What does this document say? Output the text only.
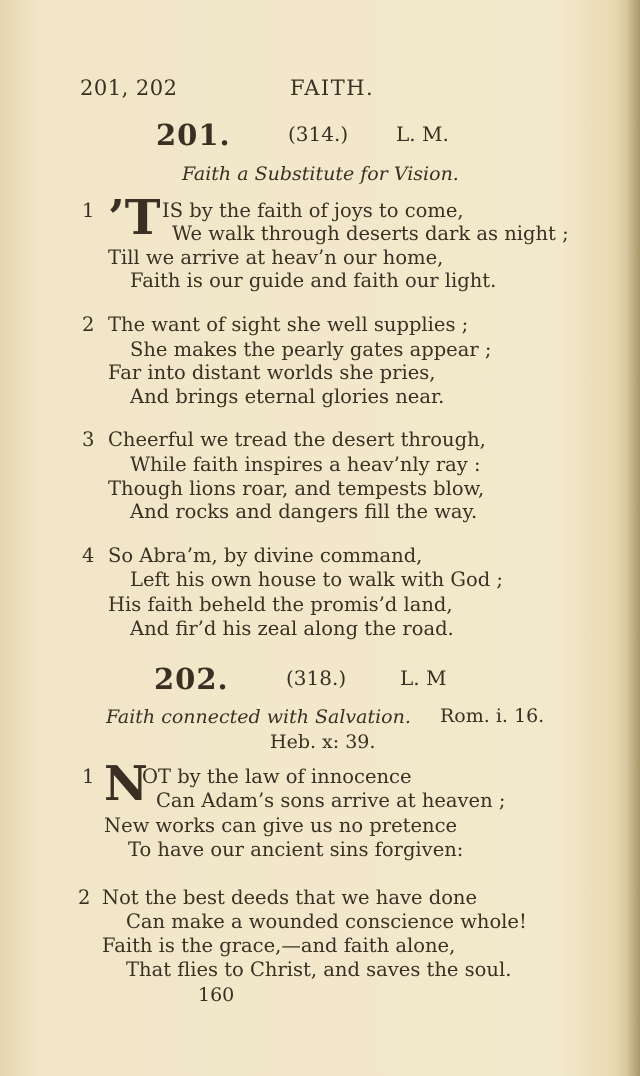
201, 202	FAITH.
201.	(314.) L. M.
Faith a Substitute for Vision.
1 ’T IS by the faith of joys to come,
We walk through deserts dark as night ;
Till we arrive at heav’n our home,
Faith is our guide and faith our light.
2 The want of sight she well supplies ;
She makes the pearly gates appear ;
Far into distant worlds she pries,
And brings eternal glories near.
3 Cheerful we tread the desert through,
While faith inspires a heav’nly ray :
Though lions roar, and tempests blow,
And rocks and dangers fill the way.
4 So Abra’m, by divine command,
Left his own house to walk with God ;
His faith beheld the promis’d land,
And fir’d his zeal along the road.
202.	(318.)	L. M
Faith connected with Salvation. Rom. i. 16.
Heb. x: 39.
1 N
OT by the law of innocence
Can Adam’s sons arrive at heaven ;
New works can give us no pretence
To have our ancient sins forgiven:
2 Not the best deeds that we have done
Can make a wounded conscience whole!
Faith is the grace,—and faith alone,
That flies to Christ, and saves the soul.
160
